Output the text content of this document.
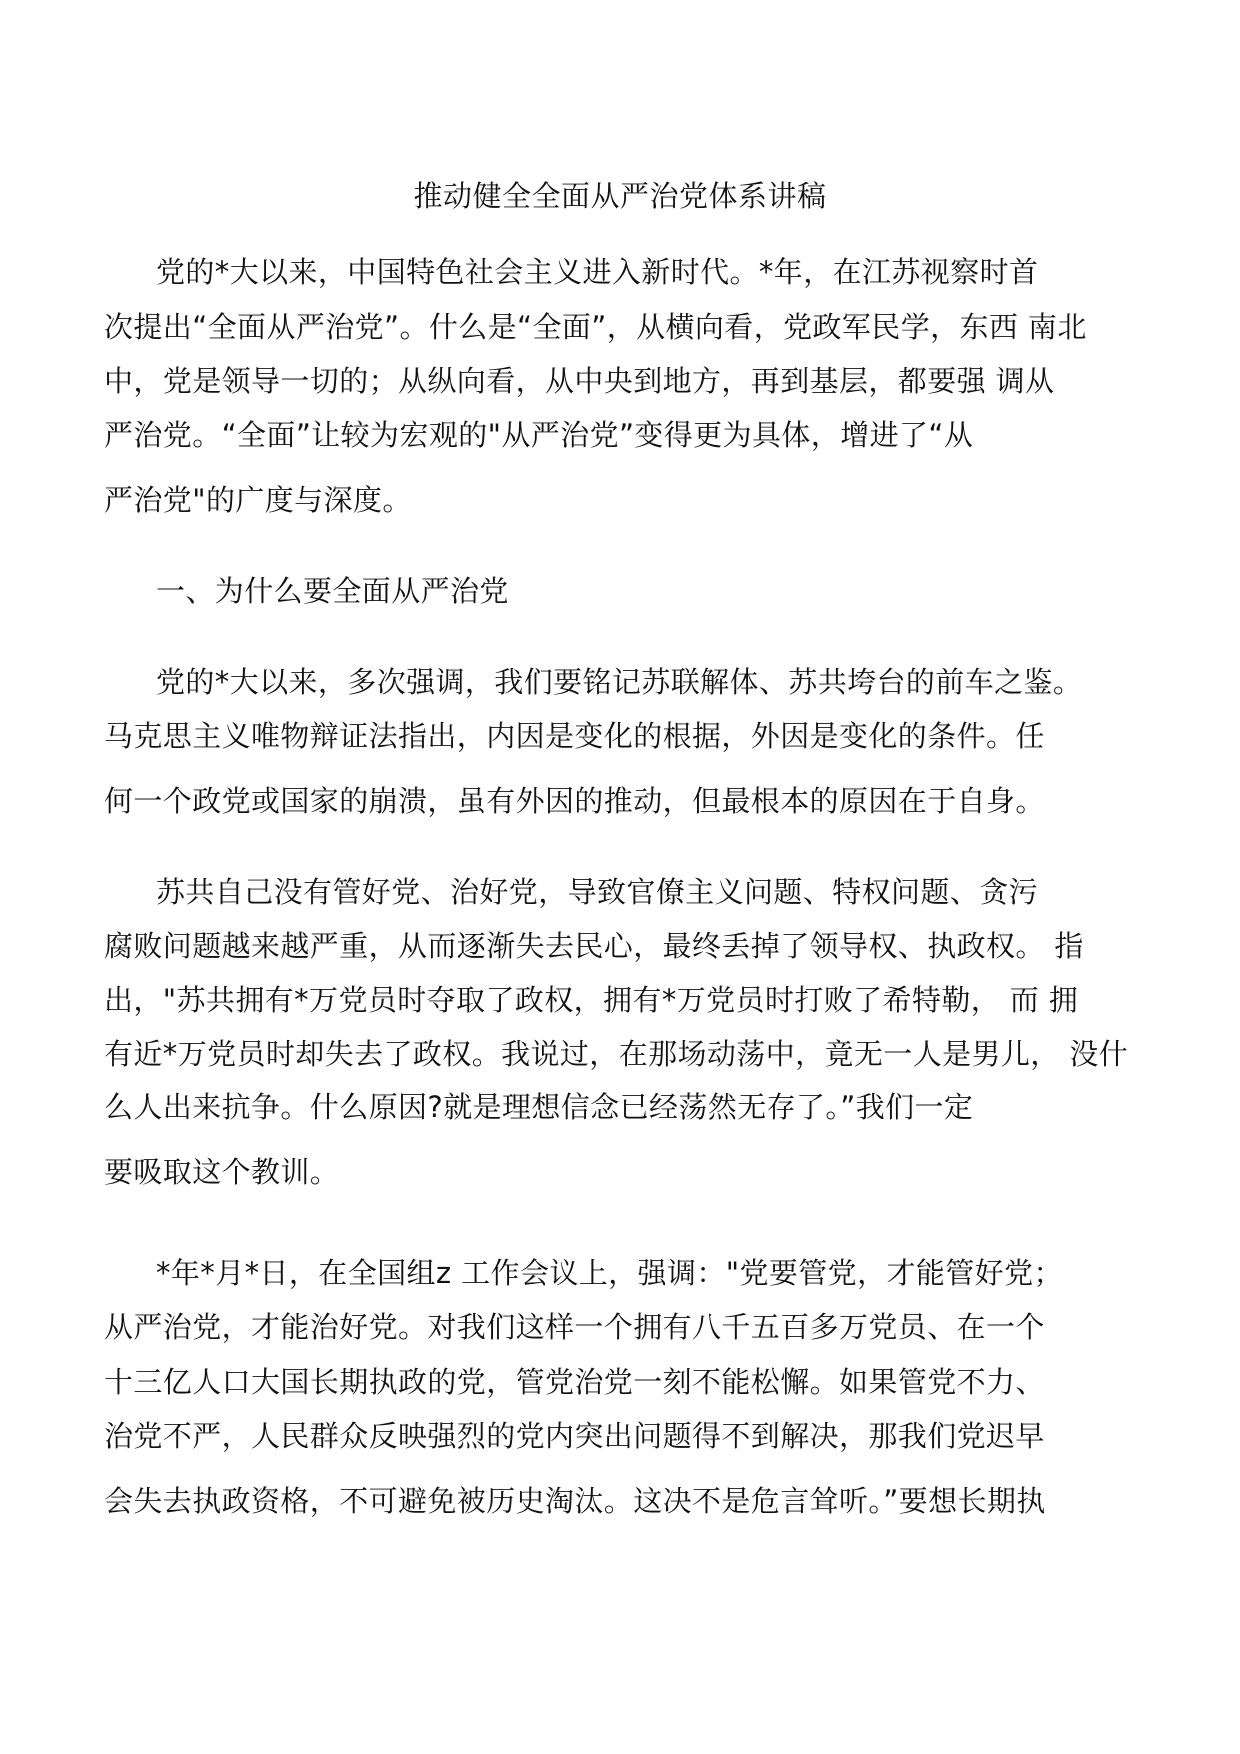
推动健全全面从严治党体系讲稿
党的*大以来，中国特色社会主义进入新时代。*年，在江苏视察时首
次提出“全面从严治党”。什么是“全面”，从横向看，党政军民学，东西 南北
中，党是领导一切的；从纵向看，从中央到地方，再到基层，都要强 调从
严治党。“全面”让较为宏观的"从严治党”变得更为具体，增进了“从
严治党"的广度与深度。
一、为什么要全面从严治党
党的*大以来，多次强调，我们要铭记苏联解体、苏共垮台的前车之鉴。
马克思主义唯物辩证法指出，内因是变化的根据，外因是变化的条件。任
何一个政党或国家的崩溃，虽有外因的推动，但最根本的原因在于自身。
苏共自己没有管好党、治好党，导致官僚主义问题、特权问题、贪污
腐败问题越来越严重，从而逐渐失去民心，最终丢掉了领导权、执政权。 指
出，"苏共拥有*万党员时夺取了政权，拥有*万党员时打败了希特勒， 而 拥
有近*万党员时却失去了政权。我说过，在那场动荡中，竟无一人是男儿， 没什
么人出来抗争。什么原因?就是理想信念已经荡然无存了。”我们一定
要吸取这个教训。
*年*月*日，在全国组z 工作会议上，强调："党要管党，才能管好党；
从严治党，才能治好党。对我们这样一个拥有八千五百多万党员、在一个
十三亿人口大国长期执政的党，管党治党一刻不能松懈。如果管党不力、
治党不严，人民群众反映强烈的党内突出问题得不到解决，那我们党迟早
会失去执政资格，不可避免被历史淘汰。这决不是危言耸听。”要想长期执
